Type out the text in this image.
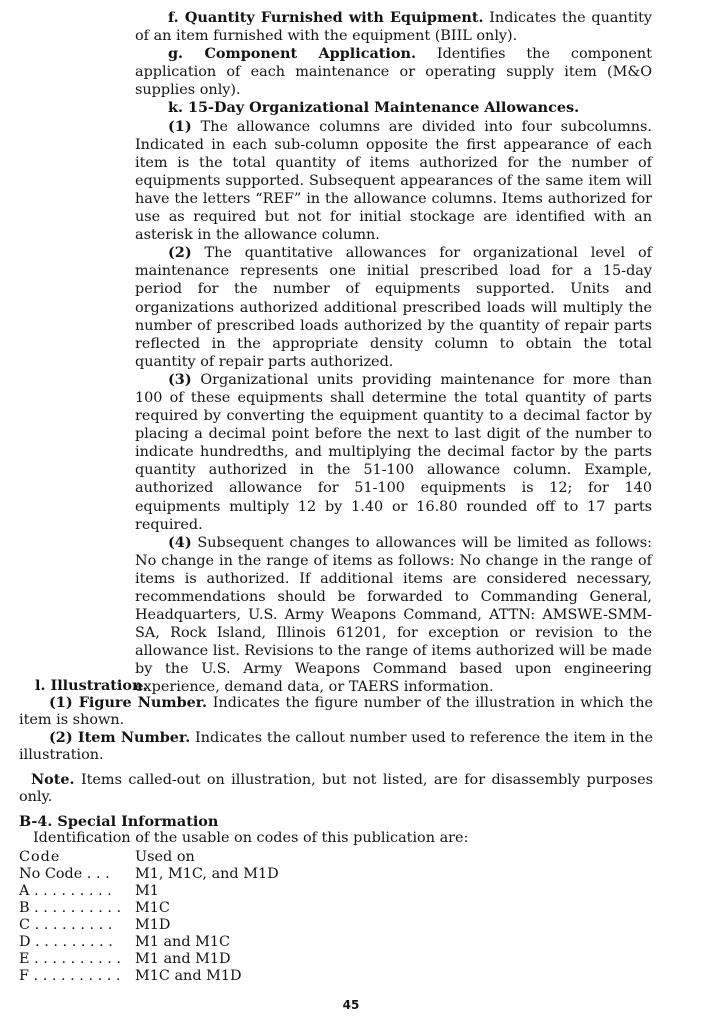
f. Quantity Furnished with Equipment. Indicates the quantity of an item furnished with the equipment (BIIL only).

g. Component Application. Identifies the component application of each maintenance or operating supply item (M&O supplies only).

k. 15-Day Organizational Maintenance Allowances.

(1) The allowance columns are divided into four subcolumns. Indicated in each sub-column opposite the first appearance of each item is the total quantity of items authorized for the number of equipments supported. Subsequent appearances of the same item will have the letters “REF” in the allowance columns. Items authorized for use as required but not for initial stockage are identified with an asterisk in the allowance column.

(2) The quantitative allowances for organizational level of maintenance represents one initial prescribed load for a 15-day period for the number of equipments supported. Units and organizations authorized additional prescribed loads will multiply the number of prescribed loads authorized by the quantity of repair parts reflected in the appropriate density column to obtain the total quantity of repair parts authorized.

(3) Organizational units providing maintenance for more than 100 of these equipments shall determine the total quantity of parts required by converting the equipment quantity to a decimal factor by placing a decimal point before the next to last digit of the number to indicate hundredths, and multiplying the decimal factor by the parts quantity authorized in the 51-100 allowance column. Example, authorized allowance for 51-100 equipments is 12; for 140 equipments multiply 12 by 1.40 or 16.80 rounded off to 17 parts required.

(4) Subsequent changes to allowances will be limited as follows: No change in the range of items as follows: No change in the range of items is authorized. If additional items are considered necessary, recommendations should be forwarded to Commanding General, Headquarters, U.S. Army Weapons Command, ATTN: AMSWE-SMM-SA, Rock Island, Illinois 61201, for exception or revision to the allowance list. Revisions to the range of items authorized will be made by the U.S. Army Weapons Command based upon engineering experience, demand data, or TAERS information.

l. Illustration.

(1) Figure Number. Indicates the figure number of the illustration in which the item is shown.

(2) Item Number. Indicates the callout number used to reference the item in the illustration.

Note. Items called-out on illustration, but not listed, are for disassembly purposes only.

B-4. Special Information

Identification of the usable on codes of this publication are:

Code	Used on
No Code . . .	M1, M1C, and M1D
A . . . . . . . . .	M1
B . . . . . . . . . . M1C
C . . . . . . . . .	M1D
D . . . . . . . . .	M1 and M1C
E . . . . . . . . . . M1 and M1D
F . . . . . . . . . .	M1C and M1D
45
